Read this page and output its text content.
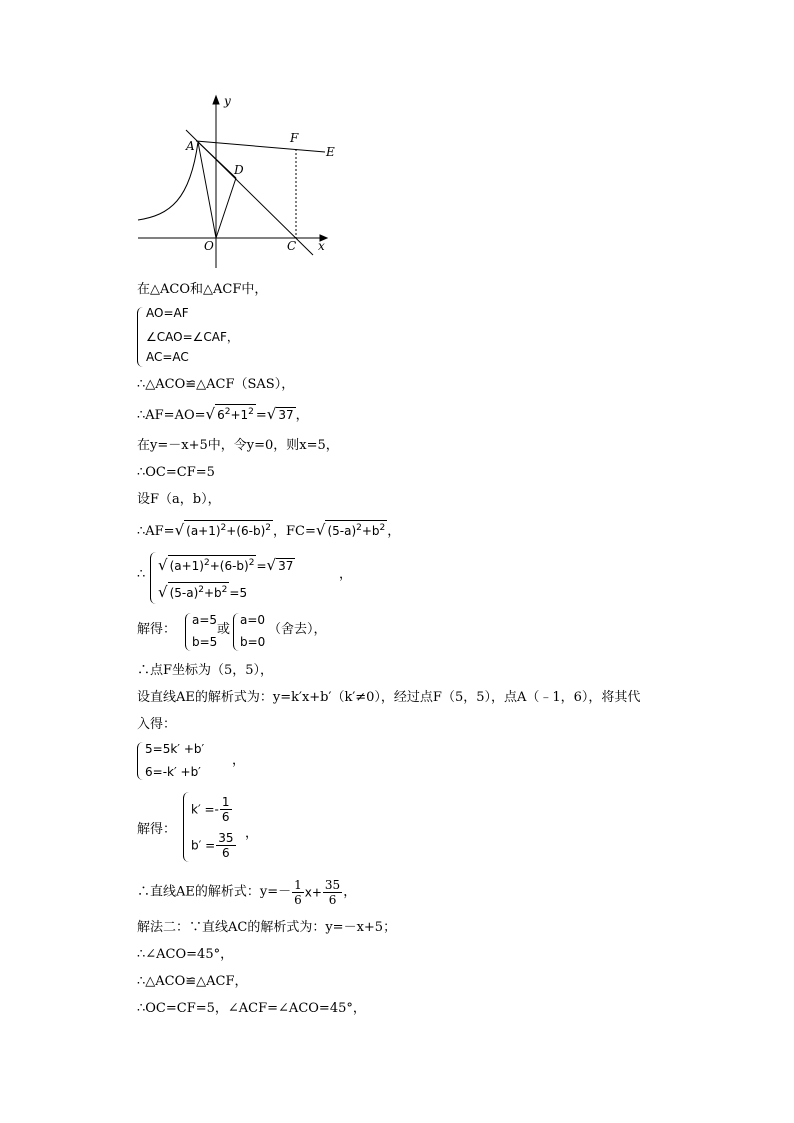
y
x
A
F
E
D
O	C
在△ACO和△ACF中，
AO=AF
∠CAO=∠CAF，
AC=AC
∴△ACO≌△ACF（SAS），
∴AF=AO=√ $6^2+1^2$ =√ 37 ，
在y=－x+5中，令y=0，则x=5，
∴OC=CF=5
设F（a，b），
∴AF=√ $(a+1)^2+(6-b)^2$ ，FC=√ $(5-a)^2+b^2$ ，
∴
√ $(a+1)^2+(6-b)^2$ =√ 37
√ $(5-a)^2+b^2 =5$
，
解得：
a=5
b=5
或
a=0
b=0
（舍去），
∴点F坐标为（5，5），
设直线AE的解析式为：y=k′x+b′（k′≠0），经过点F（5，5），点A（﹣1，6），将其代
入得：
5=5k′ +b′
6=-k′ +b′
，
解得：
$k' =- \frac{1}{6}$
$b' = \frac{35}{6}$ ，
∴直线AE的解析式：$y=- \frac{1}{6} x+ \frac{35}{6}$ ，
解法二：∵直线AC的解析式为：y=－x+5；
∴∠ACO=45°，
∴△ACO≌△ACF，
∴OC=CF=5，∠ACF=∠ACO=45°，
